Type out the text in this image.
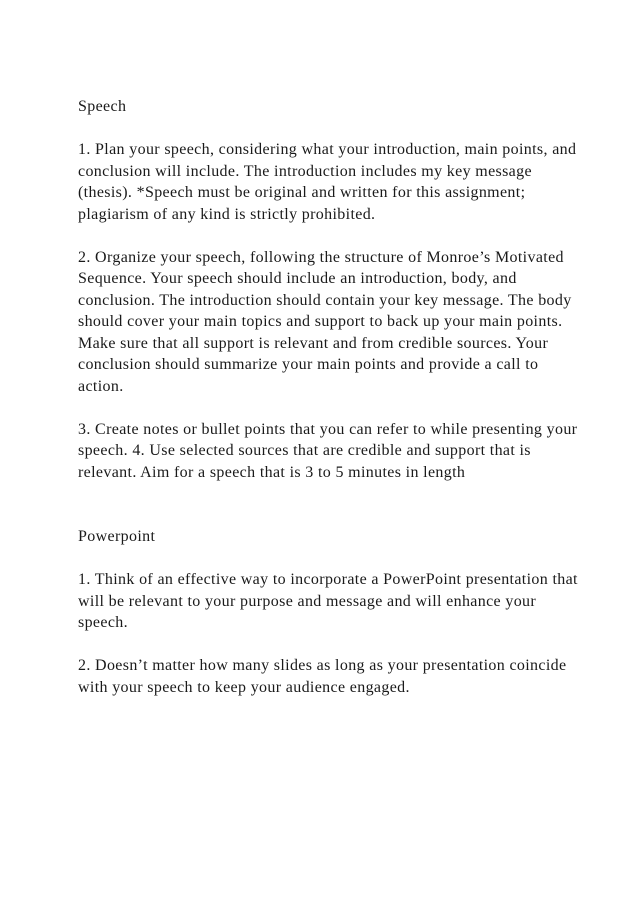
Speech

1. Plan your speech, considering what your introduction, main points, and conclusion will include. The introduction includes my key message (thesis). *Speech must be original and written for this assignment; plagiarism of any kind is strictly prohibited.

2. Organize your speech, following the structure of Monroe’s Motivated Sequence. Your speech should include an introduction, body, and conclusion. The introduction should contain your key message. The body should cover your main topics and support to back up your main points. Make sure that all support is relevant and from credible sources. Your conclusion should summarize your main points and provide a call to action.

3. Create notes or bullet points that you can refer to while presenting your speech. 4. Use selected sources that are credible and support that is relevant. Aim for a speech that is 3 to 5 minutes in length

Powerpoint

1. Think of an effective way to incorporate a PowerPoint presentation that will be relevant to your purpose and message and will enhance your speech.

2. Doesn’t matter how many slides as long as your presentation coincide with your speech to keep your audience engaged.
